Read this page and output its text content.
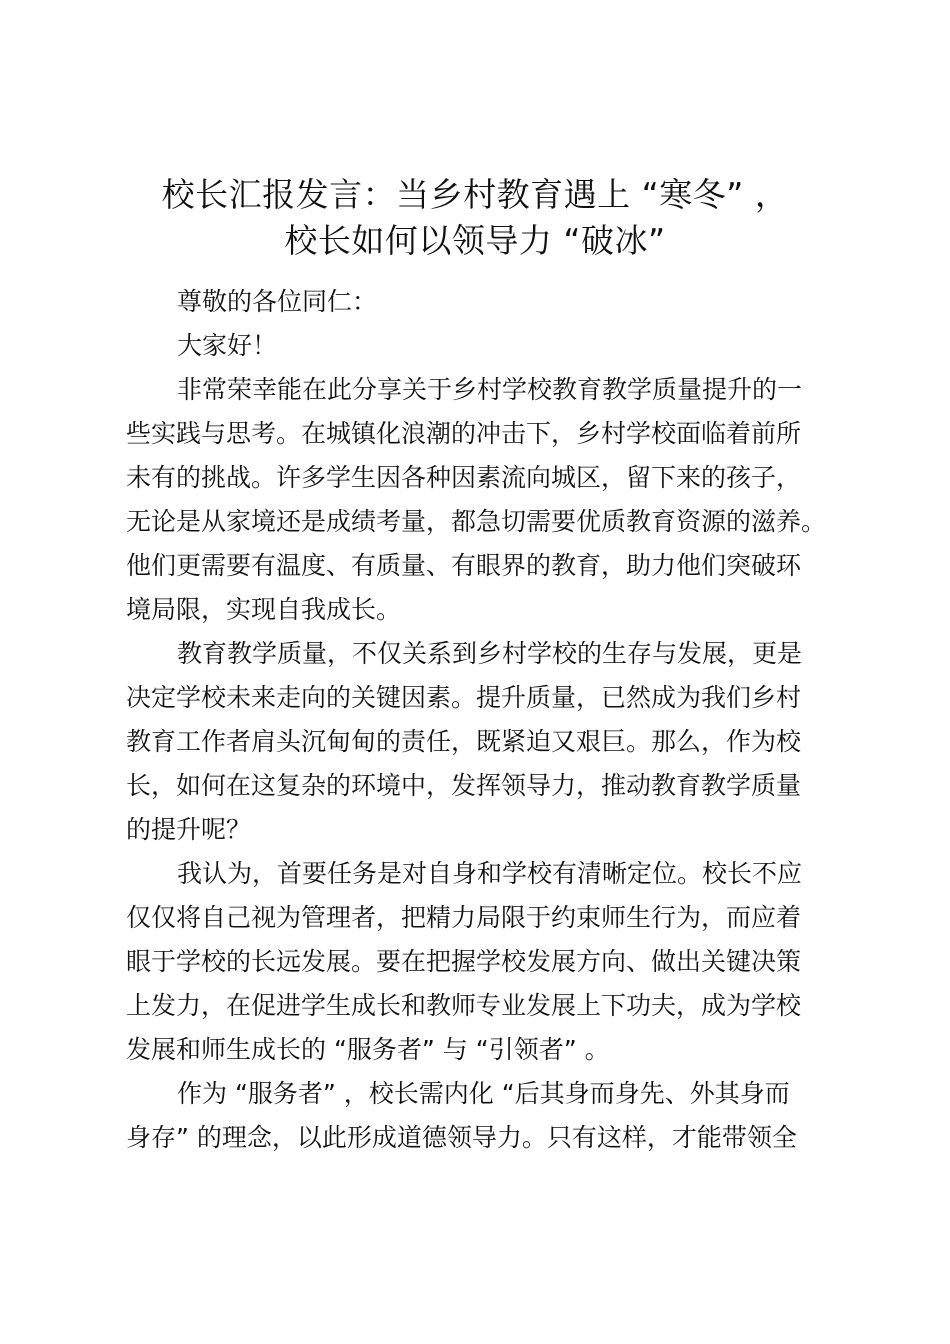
校长汇报发言：当乡村教育遇上 “寒冬” ，
校长如何以领导力 “破冰”

尊敬的各位同仁：

大家好！

非常荣幸能在此分享关于乡村学校教育教学质量提升的一
些实践与思考。在城镇化浪潮的冲击下，乡村学校面临着前所
未有的挑战。许多学生因各种因素流向城区，留下来的孩子，
无论是从家境还是成绩考量，都急切需要优质教育资源的滋养。
他们更需要有温度、有质量、有眼界的教育，助力他们突破环
境局限，实现自我成长。

教育教学质量，不仅关系到乡村学校的生存与发展，更是
决定学校未来走向的关键因素。提升质量，已然成为我们乡村
教育工作者肩头沉甸甸的责任，既紧迫又艰巨。那么，作为校
长，如何在这复杂的环境中，发挥领导力，推动教育教学质量
的提升呢？

我认为，首要任务是对自身和学校有清晰定位。校长不应
仅仅将自己视为管理者，把精力局限于约束师生行为，而应着
眼于学校的长远发展。要在把握学校发展方向、做出关键决策
上发力，在促进学生成长和教师专业发展上下功夫，成为学校
发展和师生成长的 “服务者” 与 “引领者” 。

作为 “服务者” ，校长需内化 “后其身而身先、外其身而
身存” 的理念，以此形成道德领导力。只有这样，才能带领全
